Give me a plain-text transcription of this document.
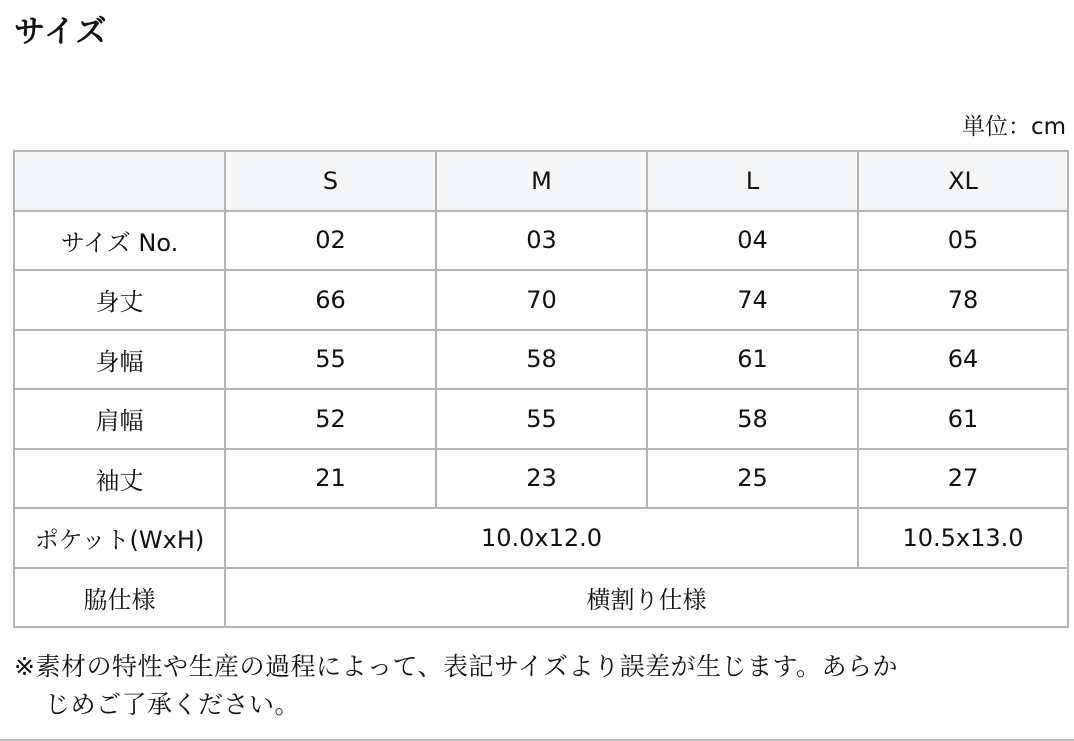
サイズ
単位：cm
	S	M	L	XL
サイズ No.	02	03	04	05
身丈	66	70	74	78
身幅	55	58	61	64
肩幅	52	55	58	61
袖丈	21	23	25	27
ポケット(WxH)	10.0x12.0			10.5x13.0
脇仕様	横割り仕様			
※素材の特性や生産の過程によって、表記サイズより誤差が生じます。あらか
じめご了承ください。
